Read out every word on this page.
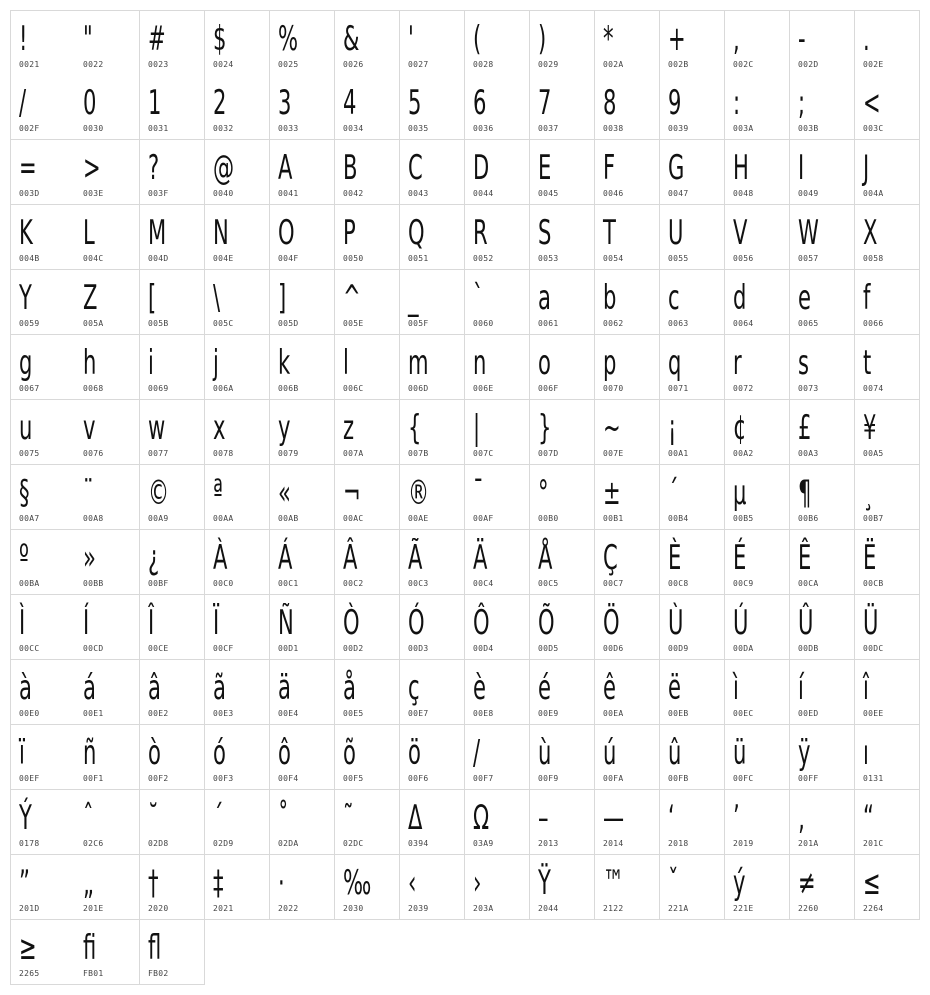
!
0021
"
0022
#
0023
$
0024
%
0025
&
0026
'
0027
(
0028
)
0029
*
002A
+
002B
,
002C
-
002D
.
002E
/
002F
0
0030
1
0031
2
0032
3
0033
4
0034
5
0035
6
0036
7
0037
8
0038
9
0039
:
003A
;
003B
<
003C
=
003D
>
003E
?
003F
@
0040
A
0041
B
0042
C
0043
D
0044
E
0045
F
0046
G
0047
H
0048
I
0049
J
004A
K
004B
L
004C
M
004D
N
004E
O
004F
P
0050
Q
0051
R
0052
S
0053
T
0054
U
0055
V
0056
W
0057
X
0058
Y
0059
Z
005A
[
005B
\
005C
]
005D
^
005E
_
005F
`
0060
a
0061
b
0062
c
0063
d
0064
e
0065
f
0066
g
0067
h
0068
i
0069
j
006A
k
006B
l
006C
m
006D
n
006E
o
006F
p
0070
q
0071
r
0072
s
0073
t
0074
u
0075
v
0076
w
0077
x
0078
y
0079
z
007A
{
007B
|
007C
}
007D
~
007E
¡
00A1
¢
00A2
£
00A3
¥
00A5
§
00A7
¨
00A8
©
00A9
ª
00AA
«
00AB
¬
00AC
®
00AE
¯
00AF
°
00B0
±
00B1
´
00B4
µ
00B5
¶
00B6
¸
00B7
º
00BA
»
00BB
¿
00BF
À
00C0
Á
00C1
Â
00C2
Ã
00C3
Ä
00C4
Å
00C5
Ç
00C7
È
00C8
É
00C9
Ê
00CA
Ë
00CB
Ì
00CC
Í
00CD
Î
00CE
Ï
00CF
Ñ
00D1
Ò
00D2
Ó
00D3
Ô
00D4
Õ
00D5
Ö
00D6
Ù
00D9
Ú
00DA
Û
00DB
Ü
00DC
à
00E0
á
00E1
â
00E2
ã
00E3
ä
00E4
å
00E5
ç
00E7
è
00E8
é
00E9
ê
00EA
ë
00EB
ì
00EC
í
00ED
î
00EE
ï
00EF
ñ
00F1
ò
00F2
ó
00F3
ô
00F4
õ
00F5
ö
00F6
/
00F7
ù
00F9
ú
00FA
û
00FB
ü
00FC
ÿ
00FF
ı
0131
Ý
0178
ˆ
02C6
˘
02D8
ˊ
02D9
˚
02DA
˜
02DC
Δ
0394
Ω
03A9
–
2013
—
2014
‘
2018
’
2019
‚
201A
“
201C
”
201D
„
201E
†
2020
‡
2021
·
2022
‰
2030
‹
2039
›
203A
Ÿ
2044
™
2122
ˇ
221A
ý
221E
≠
2260
≤
2264
≥
2265
ﬁ
FB01
ﬂ
FB02
